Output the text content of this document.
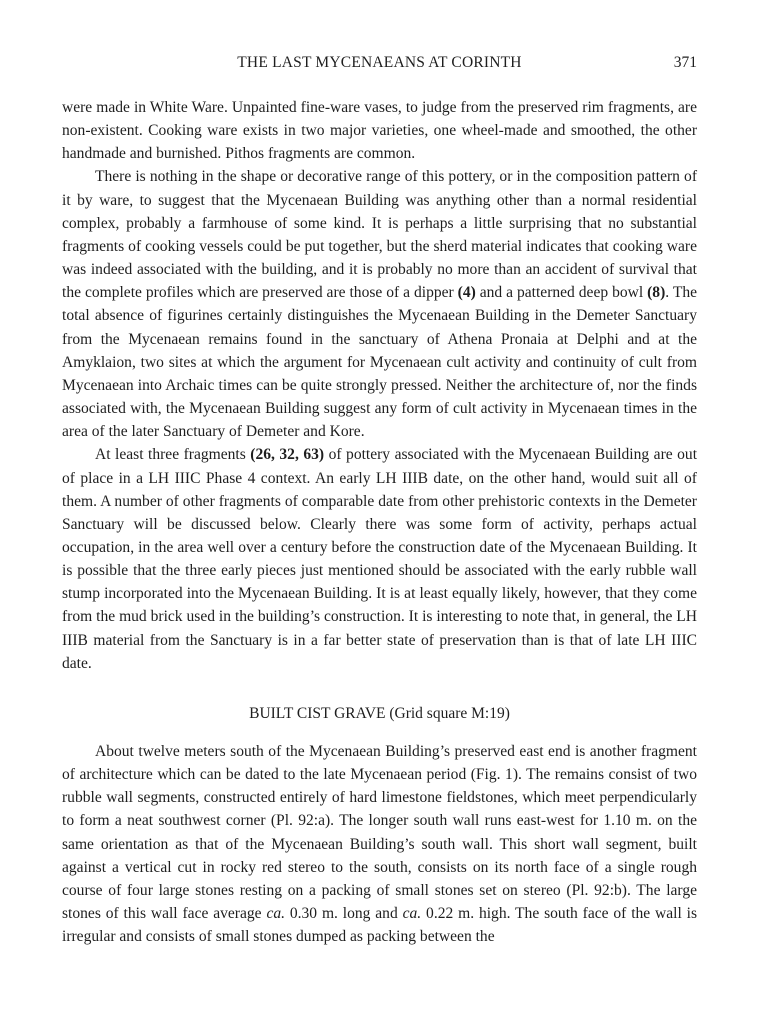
THE LAST MYCENAEANS AT CORINTH	371

were made in White Ware. Unpainted fine-ware vases, to judge from the preserved rim fragments, are non-existent. Cooking ware exists in two major varieties, one wheel-made and smoothed, the other handmade and burnished. Pithos fragments are common.

There is nothing in the shape or decorative range of this pottery, or in the composition pattern of it by ware, to suggest that the Mycenaean Building was anything other than a normal residential complex, probably a farmhouse of some kind. It is perhaps a little surprising that no substantial fragments of cooking vessels could be put together, but the sherd material indicates that cooking ware was indeed associated with the building, and it is probably no more than an accident of survival that the complete profiles which are preserved are those of a dipper (4) and a patterned deep bowl (8). The total absence of figurines certainly distinguishes the Mycenaean Building in the Demeter Sanctuary from the Mycenaean remains found in the sanctuary of Athena Pronaia at Delphi and at the Amyklaion, two sites at which the argument for Mycenaean cult activity and continuity of cult from Mycenaean into Archaic times can be quite strongly pressed. Neither the architecture of, nor the finds associated with, the Mycenaean Building suggest any form of cult activity in Mycenaean times in the area of the later Sanctuary of Demeter and Kore.

At least three fragments (26, 32, 63) of pottery associated with the Mycenaean Building are out of place in a LH IIIC Phase 4 context. An early LH IIIB date, on the other hand, would suit all of them. A number of other fragments of comparable date from other prehistoric contexts in the Demeter Sanctuary will be discussed below. Clearly there was some form of activity, perhaps actual occupation, in the area well over a century before the construction date of the Mycenaean Building. It is possible that the three early pieces just mentioned should be associated with the early rubble wall stump incorporated into the Mycenaean Building. It is at least equally likely, however, that they come from the mud brick used in the building’s construction. It is interesting to note that, in general, the LH IIIB material from the Sanctuary is in a far better state of preservation than is that of late LH IIIC date.

BUILT CIST GRAVE (Grid square M:19)

About twelve meters south of the Mycenaean Building’s preserved east end is another fragment of architecture which can be dated to the late Mycenaean period (Fig. 1). The remains consist of two rubble wall segments, constructed entirely of hard limestone fieldstones, which meet perpendicularly to form a neat southwest corner (Pl. 92:a). The longer south wall runs east-west for 1.10 m. on the same orientation as that of the Mycenaean Building’s south wall. This short wall segment, built against a vertical cut in rocky red stereo to the south, consists on its north face of a single rough course of four large stones resting on a packing of small stones set on stereo (Pl. 92:b). The large stones of this wall face average ca. 0.30 m. long and ca. 0.22 m. high. The south face of the wall is irregular and consists of small stones dumped as packing between the
